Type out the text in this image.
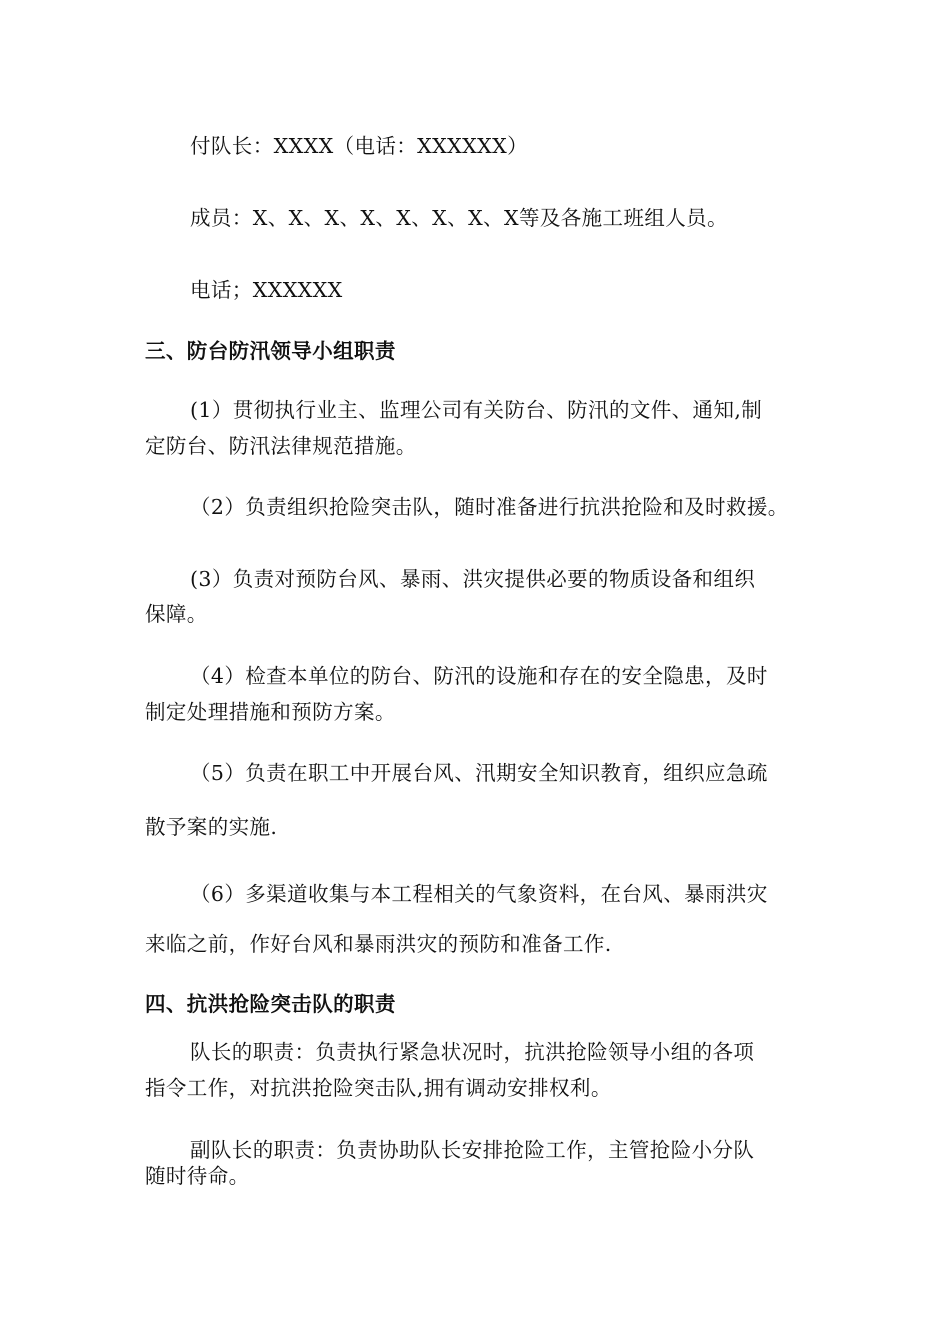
付队长：XXXX（电话：XXXXXX）
成员：X、X、X、X、X、X、X、X等及各施工班组人员。
电话；XXXXXX
三、防台防汛领导小组职责
(1）贯彻执行业主、监理公司有关防台、防汛的文件、通知,制
定防台、防汛法律规范措施。
（2）负责组织抢险突击队，随时准备进行抗洪抢险和及时救援。
(3）负责对预防台风、暴雨、洪灾提供必要的物质设备和组织
保障。
（4）检查本单位的防台、防汛的设施和存在的安全隐患，及时
制定处理措施和预防方案。
（5）负责在职工中开展台风、汛期安全知识教育，组织应急疏
散予案的实施.
（6）多渠道收集与本工程相关的气象资料，在台风、暴雨洪灾
来临之前，作好台风和暴雨洪灾的预防和准备工作.
四、抗洪抢险突击队的职责
队长的职责：负责执行紧急状况时，抗洪抢险领导小组的各项
指令工作，对抗洪抢险突击队,拥有调动安排权利。
副队长的职责：负责协助队长安排抢险工作，主管抢险小分队
随时待命。
